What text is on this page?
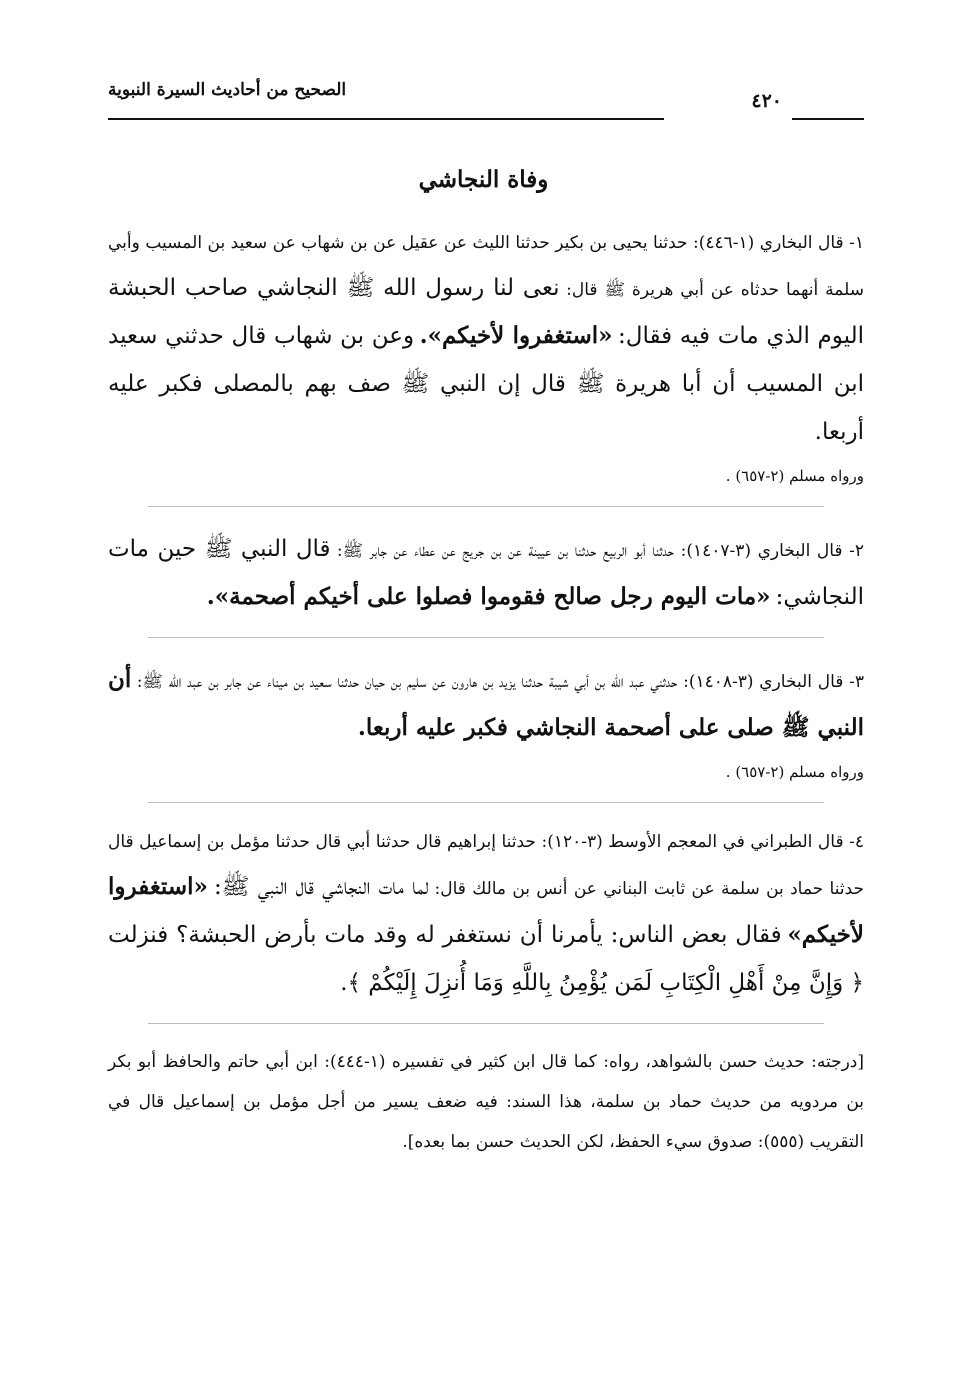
٤٢٠
الصحيح من أحاديث السيرة النبوية
وفاة النجاشي
١- قال البخاري (١-٤٤٦): حدثنا يحيى بن بكير حدثنا الليث عن عقيل عن بن شهاب عن سعيد بن المسيب وأبي سلمة أنهما حدثاه عن أبي هريرة ﷺ قال: نعى لنا رسول الله ﷺ النجاشي صاحب الحبشة اليوم الذي مات فيه فقال: «استغفروا لأخيكم». وعن بن شهاب قال حدثني سعيد ابن المسيب أن أبا هريرة ﷺ قال إن النبي ﷺ صف بهم بالمصلى فكبر عليه أربعا.

ورواه مسلم (٢-٦٥٧) .

٢- قال البخاري (٣-١٤٠٧): حدثنا أبو الربيع حدثنا بن عيينة عن بن جريج عن عطاء عن جابر ﷺ: قال النبي ﷺ حين مات النجاشي: «مات اليوم رجل صالح فقوموا فصلوا على أخيكم أصحمة».
٣- قال البخاري (٣-١٤٠٨): حدثني عبد الله بن أبي شيبة حدثنا يزيد بن هارون عن سليم بن حيان حدثنا سعيد بن ميناء عن جابر بن عبد الله ﷺ: أن النبي ﷺ صلى على أصحمة النجاشي فكبر عليه أربعا.

ورواه مسلم (٢-٦٥٧) .

٤- قال الطبراني في المعجم الأوسط (٣-١٢٠): حدثنا إبراهيم قال حدثنا أبي قال حدثنا مؤمل بن إسماعيل قال حدثنا حماد بن سلمة عن ثابت البناني عن أنس بن مالك قال: لما مات النجاشي قال النبي ﷺ: «استغفروا لأخيكم» فقال بعض الناس: يأمرنا أن نستغفر له وقد مات بأرض الحبشة؟ فنزلت ﴿ وَإِنَّ مِنْ أَهْلِ الْكِتَابِ لَمَن يُؤْمِنُ بِاللَّهِ وَمَا أُنزِلَ إِلَيْكُمْ ﴾.
[درجته: حديث حسن بالشواهد، رواه: كما قال ابن كثير في تفسيره (١-٤٤٤): ابن أبي حاتم والحافظ أبو بكر بن مردويه من حديث حماد بن سلمة، هذا السند: فيه ضعف يسير من أجل مؤمل بن إسماعيل قال في التقريب (٥٥٥): صدوق سيء الحفظ، لكن الحديث حسن بما بعده].
